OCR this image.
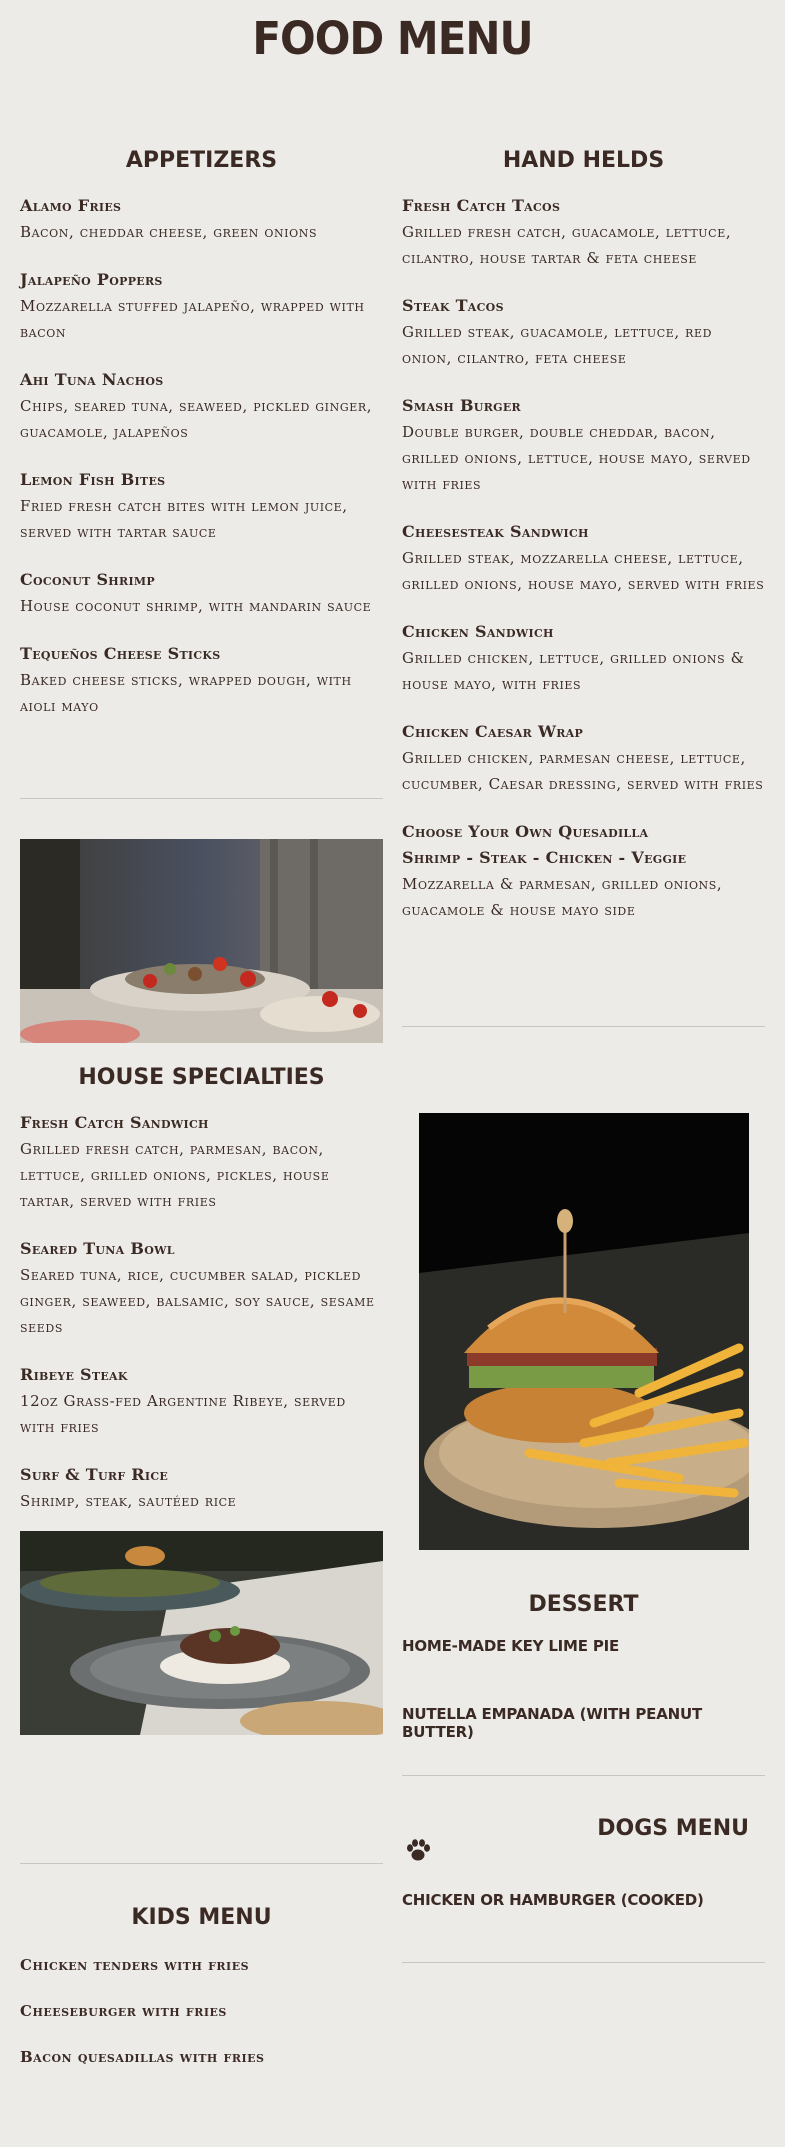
FOOD MENU
APPETIZERS
Alamo Fries
Bacon, cheddar cheese, green onions
Jalapeño Poppers
Mozzarella stuffed jalapeño, wrapped with bacon
Ahi Tuna Nachos
Chips, seared tuna, seaweed, pickled ginger, guacamole, jalapeños
Lemon Fish Bites
Fried fresh catch bites with lemon juice, served with tartar sauce
Coconut Shrimp
House coconut shrimp, with mandarin sauce
Tequeños Cheese Sticks
Baked cheese sticks, wrapped dough, with aioli mayo
HAND HELDS
Fresh Catch Tacos
Grilled fresh catch, guacamole, lettuce, cilantro, house tartar & feta cheese
Steak Tacos
Grilled steak, guacamole, lettuce, red onion, cilantro, feta cheese
Smash Burger
Double burger, double cheddar, bacon, grilled onions, lettuce, house mayo, served with fries
Cheesesteak Sandwich
Grilled steak, mozzarella cheese, lettuce, grilled onions, house mayo, served with fries
Chicken Sandwich
Grilled chicken, lettuce, grilled onions & house mayo, with fries
Chicken Caesar Wrap
Grilled chicken, parmesan cheese, lettuce, cucumber, Caesar dressing, served with fries
Choose Your Own Quesadilla
Shrimp - Steak - Chicken - Veggie
Mozzarella & parmesan, grilled onions, guacamole & house mayo side
HOUSE SPECIALTIES
Fresh Catch Sandwich
Grilled fresh catch, parmesan, bacon, lettuce, grilled onions, pickles, house tartar, served with fries
Seared Tuna Bowl
Seared tuna, rice, cucumber salad, pickled ginger, seaweed, balsamic, soy sauce, sesame seeds
Ribeye Steak
12oz Grass-fed Argentine Ribeye, served with fries
Surf & Turf Rice
Shrimp, steak, sautéed rice
DESSERT
HOME-MADE KEY LIME PIE
NUTELLA EMPANADA (WITH PEANUT BUTTER)
DOGS MENU
CHICKEN OR HAMBURGER (COOKED)
KIDS MENU
Chicken tenders with fries
Cheeseburger with fries
Bacon quesadillas with fries
